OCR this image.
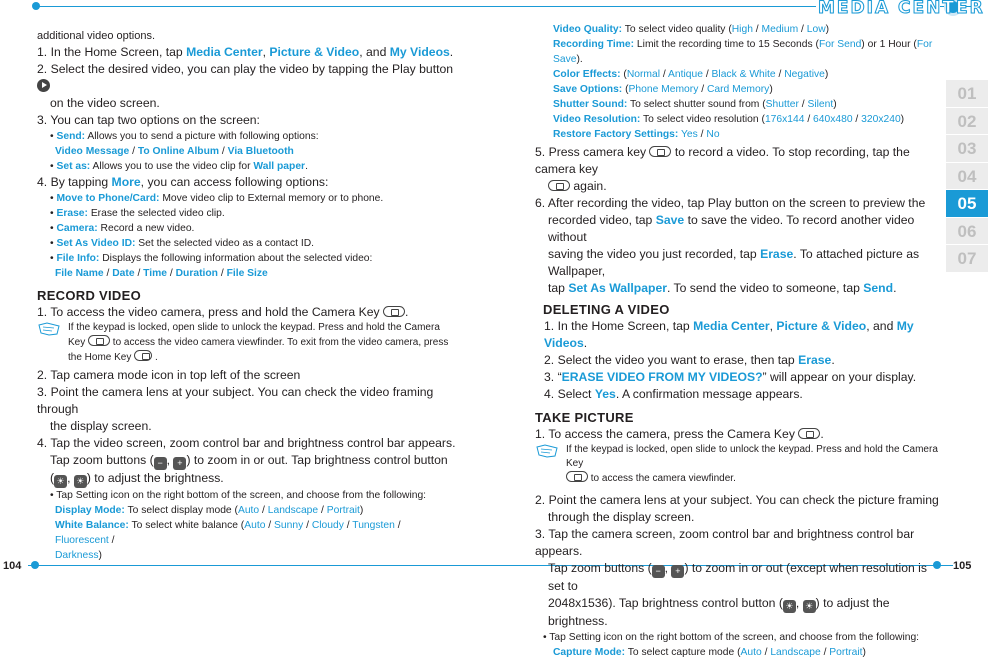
MEDIA CENTER
104	105
01
02
03
04
05
06
07
additional video options.
1. In the Home Screen, tap Media Center, Picture & Video, and My Videos.
2. Select the desired video, you can play the video by tapping the Play button
on the video screen.
3. You can tap two options on the screen:
• Send: Allows you to send a picture with following options:
Video Message / To Online Album / Via Bluetooth
• Set as: Allows you to use the video clip for Wall paper.
4. By tapping More, you can access following options:
• Move to Phone/Card: Move video clip to External memory or to phone.
• Erase: Erase the selected video clip.
• Camera: Record a new video.
• Set As Video ID: Set the selected video as a contact ID.
• File Info: Displays the following information about the selected video:
File Name / Date / Time / Duration / File Size
RECORD VIDEO
1. To access the video camera, press and hold the Camera Key .
If the keypad is locked, open slide to unlock the keypad. Press and hold the Camera
Key	to access the video camera viewfinder. To exit from the video camera, press
the Home Key .
2. Tap camera mode icon in top left of the screen
3. Point the camera lens at your subject. You can check the video framing through
the display screen.
4. Tap the video screen, zoom control bar and brightness control bar appears.
Tap zoom buttons ( − , + ) to zoom in or out. Tap brightness control button
( ☀ , ☀ ) to adjust the brightness.
• Tap Setting icon on the right bottom of the screen, and choose from the following:
Display Mode: To select display mode (Auto / Landscape / Portrait)
White Balance: To select white balance (Auto / Sunny / Cloudy / Tungsten / Fluorescent /
Darkness)
Video Quality: To select video quality (High / Medium / Low)
Recording Time: Limit the recording time to 15 Seconds (For Send) or 1 Hour (For Save).
Color Effects: (Normal / Antique / Black & White / Negative)
Save Options: (Phone Memory / Card Memory)
Shutter Sound: To select shutter sound from (Shutter / Silent)
Video Resolution: To select video resolution (176x144 / 640x480 / 320x240)
Restore Factory Settings: Yes / No
5. Press camera key to record a video. To stop recording, tap the camera key
again.
6. After recording the video, tap Play button on the screen to preview the
recorded video, tap Save to save the video. To record another video without
saving the video you just recorded, tap Erase. To attached picture as Wallpaper,
tap Set As Wallpaper. To send the video to someone, tap Send.
DELETING A VIDEO
1. In the Home Screen, tap Media Center, Picture & Video, and My Videos.
2. Select the video you want to erase, then tap Erase.
3. “ERASE VIDEO FROM MY VIDEOS?” will appear on your display.
4. Select Yes. A confirmation message appears.
TAKE PICTURE
1. To access the camera, press the Camera Key .
If the keypad is locked, open slide to unlock the keypad. Press and hold the Camera Key
to access the camera viewfinder.
2. Point the camera lens at your subject. You can check the picture framing
through the display screen.
3. Tap the camera screen, zoom control bar and brightness control bar appears.
Tap zoom buttons ( − , + ) to zoom in or out (except when resolution is set to
2048x1536). Tap brightness control button ( ☀ , ☀ ) to adjust the brightness.
• Tap Setting icon on the right bottom of the screen, and choose from the following:
Capture Mode: To select capture mode (Auto / Landscape / Portrait)
